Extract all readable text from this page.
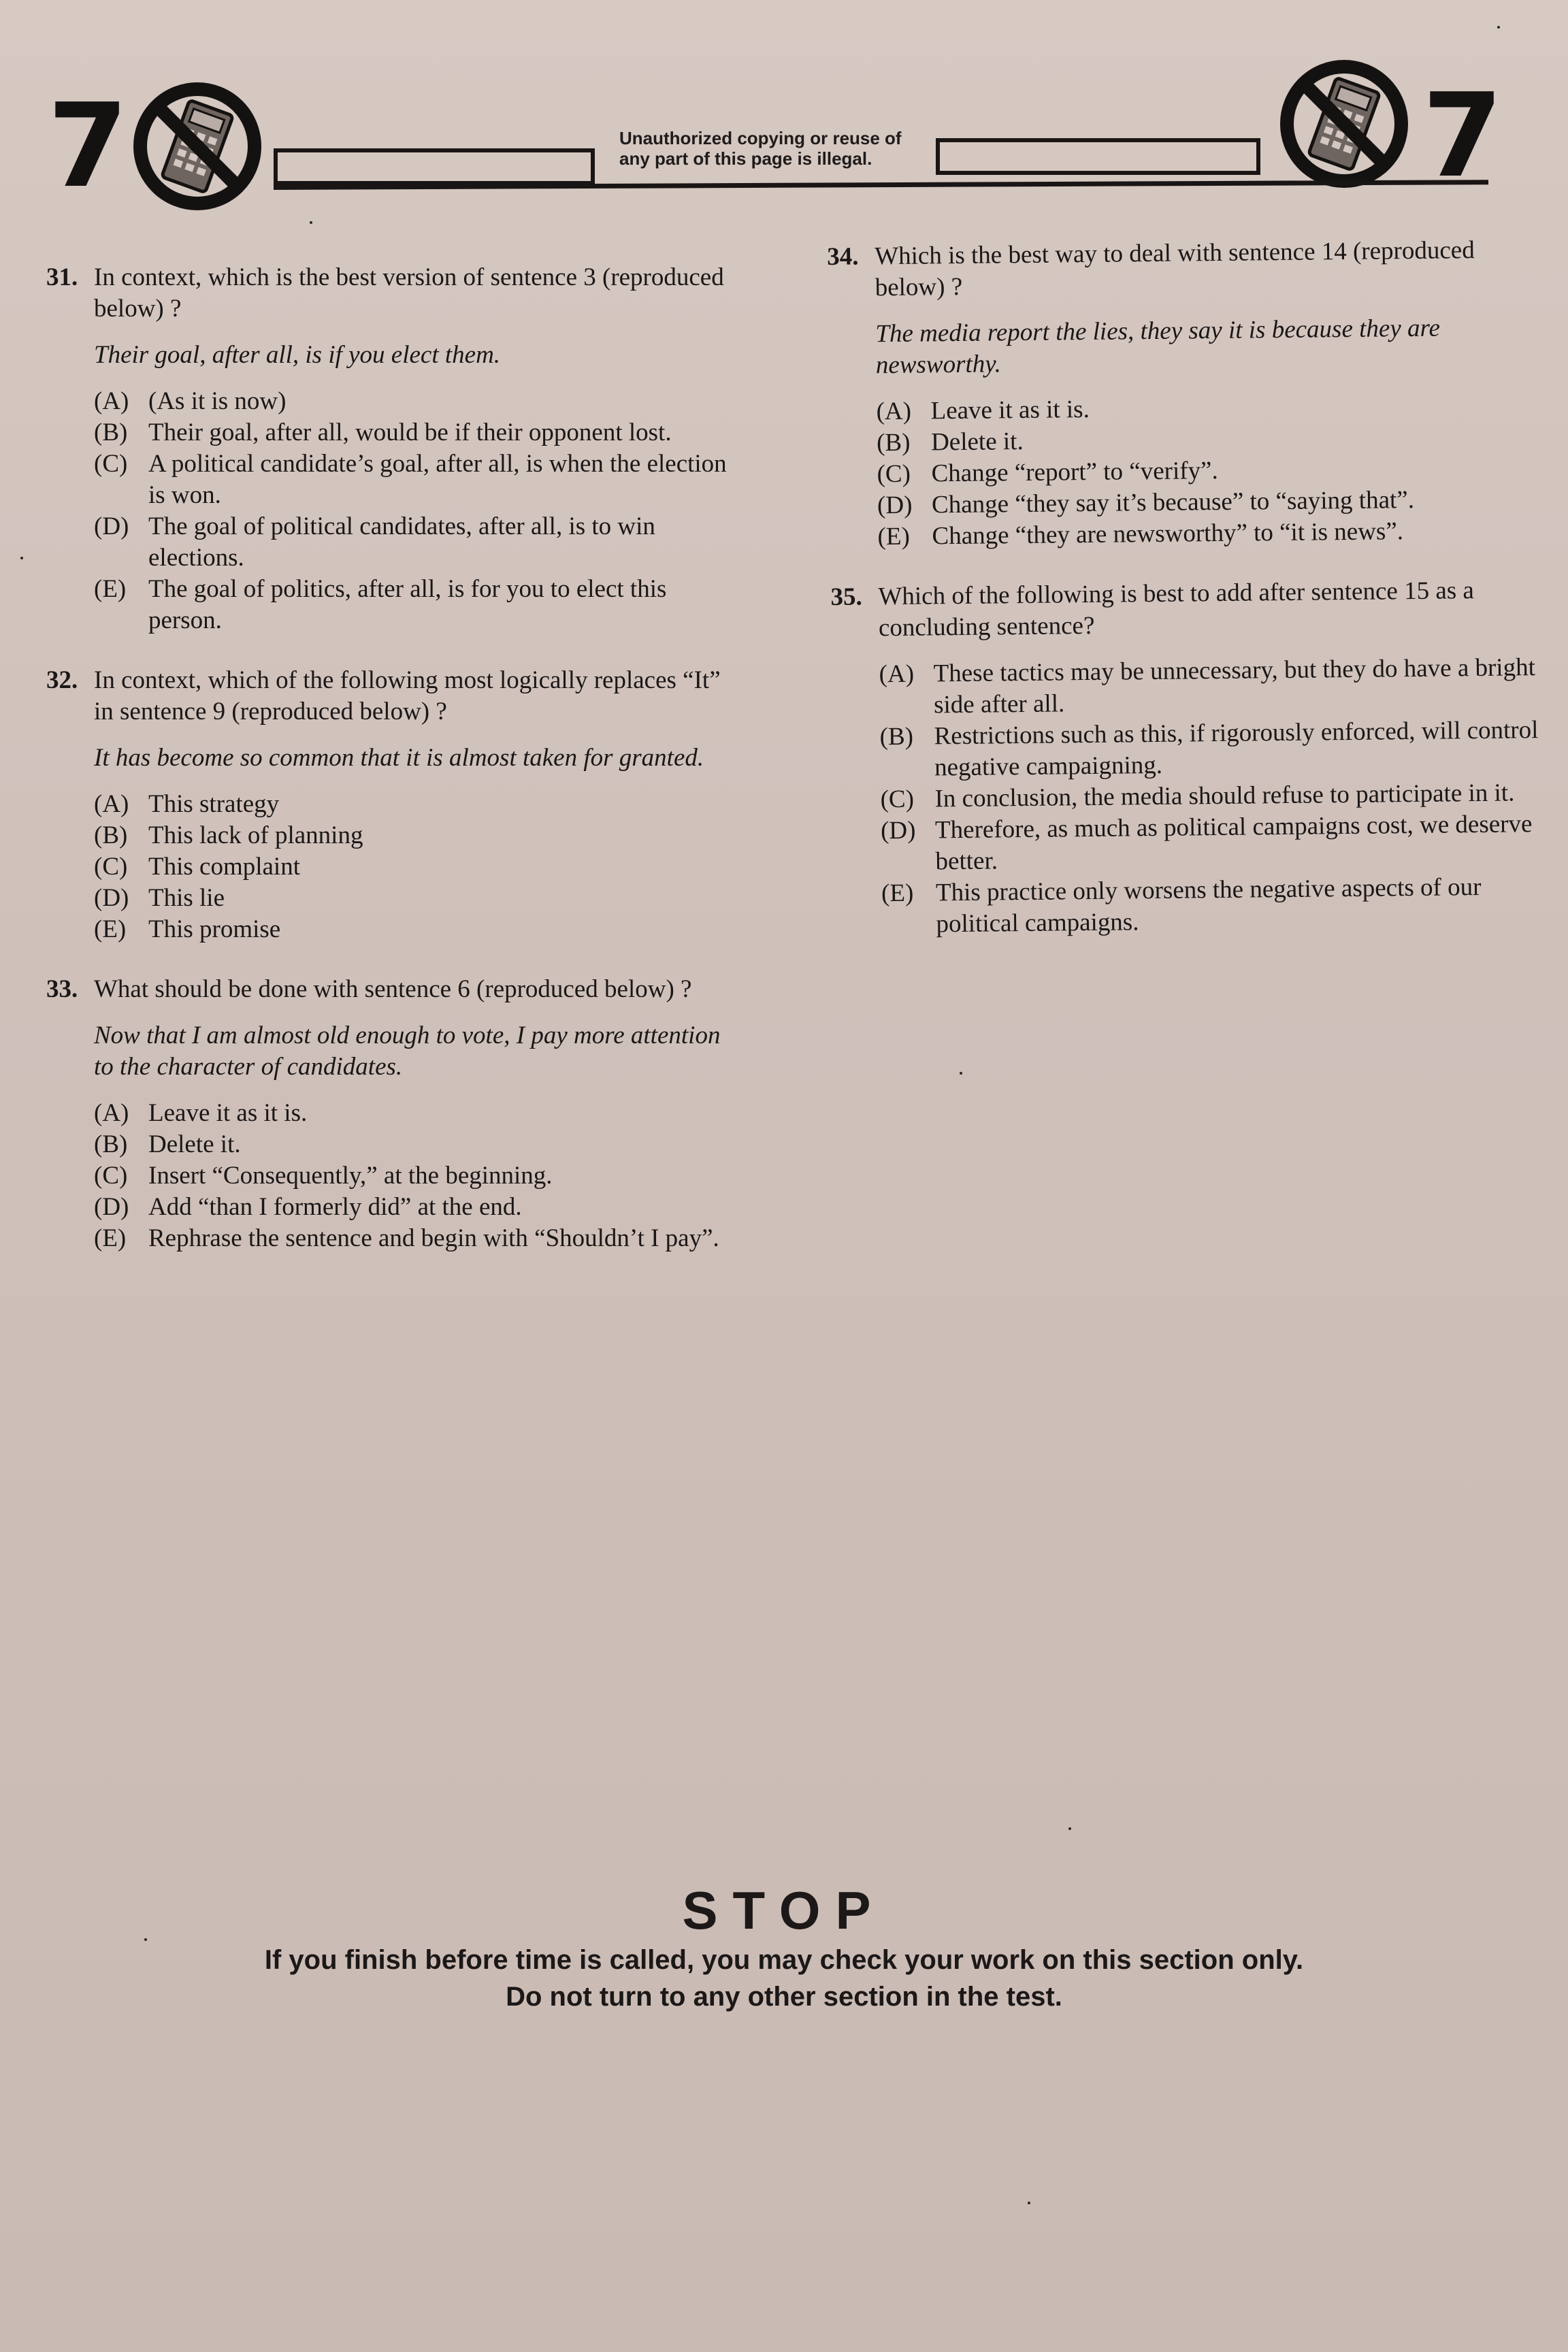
7	Unauthorized copying or reuse of any part of this page is illegal.	7
31. In context, which is the best version of sentence 3 (reproduced below) ?
Their goal, after all, is if you elect them.
(A) (As it is now)
(B) Their goal, after all, would be if their opponent lost.
(C) A political candidate’s goal, after all, is when the election is won.
(D) The goal of political candidates, after all, is to win elections.
(E) The goal of politics, after all, is for you to elect this person.
32. In context, which of the following most logically replaces “It” in sentence 9 (reproduced below) ?
It has become so common that it is almost taken for granted.
(A) This strategy
(B) This lack of planning
(C) This complaint
(D) This lie
(E) This promise
33. What should be done with sentence 6 (reproduced below) ?
Now that I am almost old enough to vote, I pay more attention to the character of candidates.
(A) Leave it as it is.
(B) Delete it.
(C) Insert “Consequently,” at the beginning.
(D) Add “than I formerly did” at the end.
(E) Rephrase the sentence and begin with “Shouldn’t I pay”.
34. Which is the best way to deal with sentence 14 (reproduced below) ?
The media report the lies, they say it is because they are newsworthy.
(A) Leave it as it is.
(B) Delete it.
(C) Change “report” to “verify”.
(D) Change “they say it’s because” to “saying that”.
(E) Change “they are newsworthy” to “it is news”.
35. Which of the following is best to add after sentence 15 as a concluding sentence?
(A) These tactics may be unnecessary, but they do have a bright side after all.
(B) Restrictions such as this, if rigorously enforced, will control negative campaigning.
(C) In conclusion, the media should refuse to participate in it.
(D) Therefore, as much as political campaigns cost, we deserve better.
(E) This practice only worsens the negative aspects of our political campaigns.
STOP
If you finish before time is called, you may check your work on this section only.
Do not turn to any other section in the test.
